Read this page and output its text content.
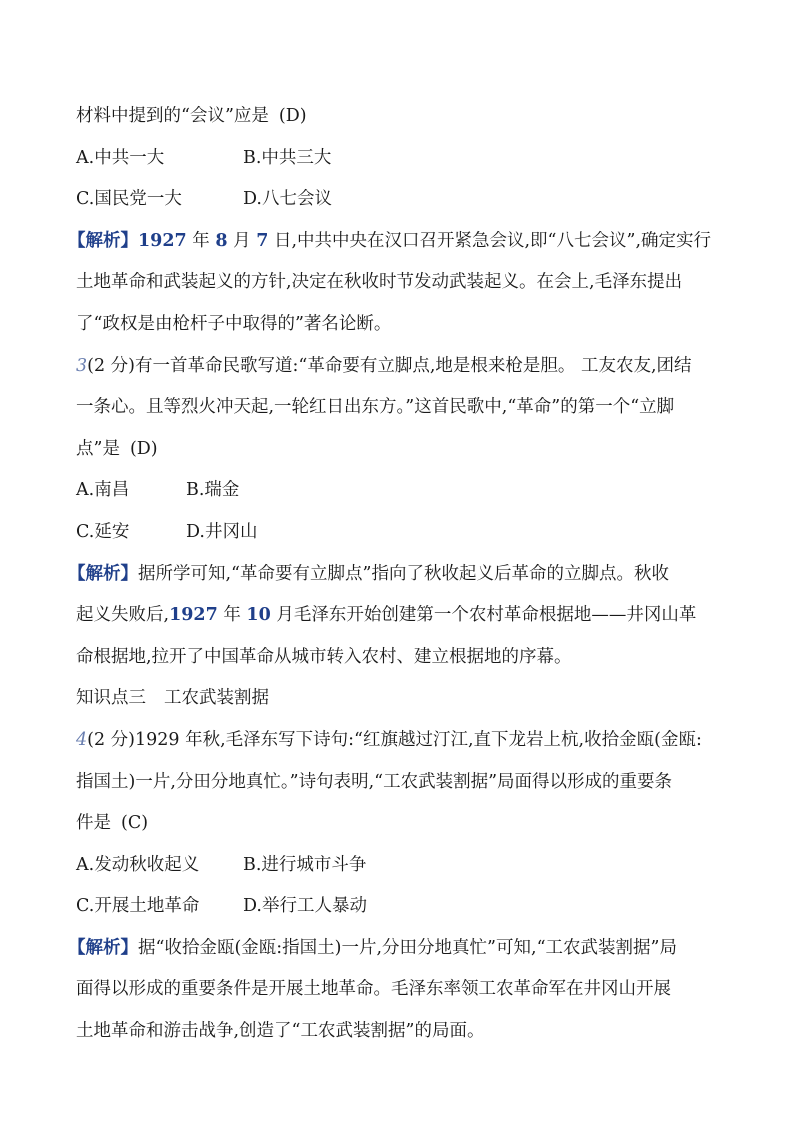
材料中提到的“会议”应是 (D)
A.中共一大	B.中共三大
C.国民党一大	D.八七会议
【解析】1927 年 8 月 7 日,中共中央在汉口召开紧急会议,即“八七会议”,确定实行
土地革命和武装起义的方针,决定在秋收时节发动武装起义。在会上,毛泽东提出
了“政权是由枪杆子中取得的”著名论断。
3(2 分)有一首革命民歌写道:“革命要有立脚点,地是根来枪是胆。 工友农友,团结
一条心。且等烈火冲天起,一轮红日出东方。”这首民歌中,“革命”的第一个“立脚
点”是 (D)
A.南昌	B.瑞金
C.延安	D.井冈山
【解析】据所学可知,“革命要有立脚点”指向了秋收起义后革命的立脚点。秋收
起义失败后,1927 年 10 月毛泽东开始创建第一个农村革命根据地——井冈山革
命根据地,拉开了中国革命从城市转入农村、建立根据地的序幕。
知识点三 工农武装割据
4(2 分)1929 年秋,毛泽东写下诗句:“红旗越过汀江,直下龙岩上杭,收拾金瓯(金瓯:
指国土)一片,分田分地真忙。”诗句表明,“工农武装割据”局面得以形成的重要条
件是 (C)
A.发动秋收起义	B.进行城市斗争
C.开展土地革命	D.举行工人暴动
【解析】据“收拾金瓯(金瓯:指国土)一片,分田分地真忙”可知,“工农武装割据”局
面得以形成的重要条件是开展土地革命。毛泽东率领工农革命军在井冈山开展
土地革命和游击战争,创造了“工农武装割据”的局面。
